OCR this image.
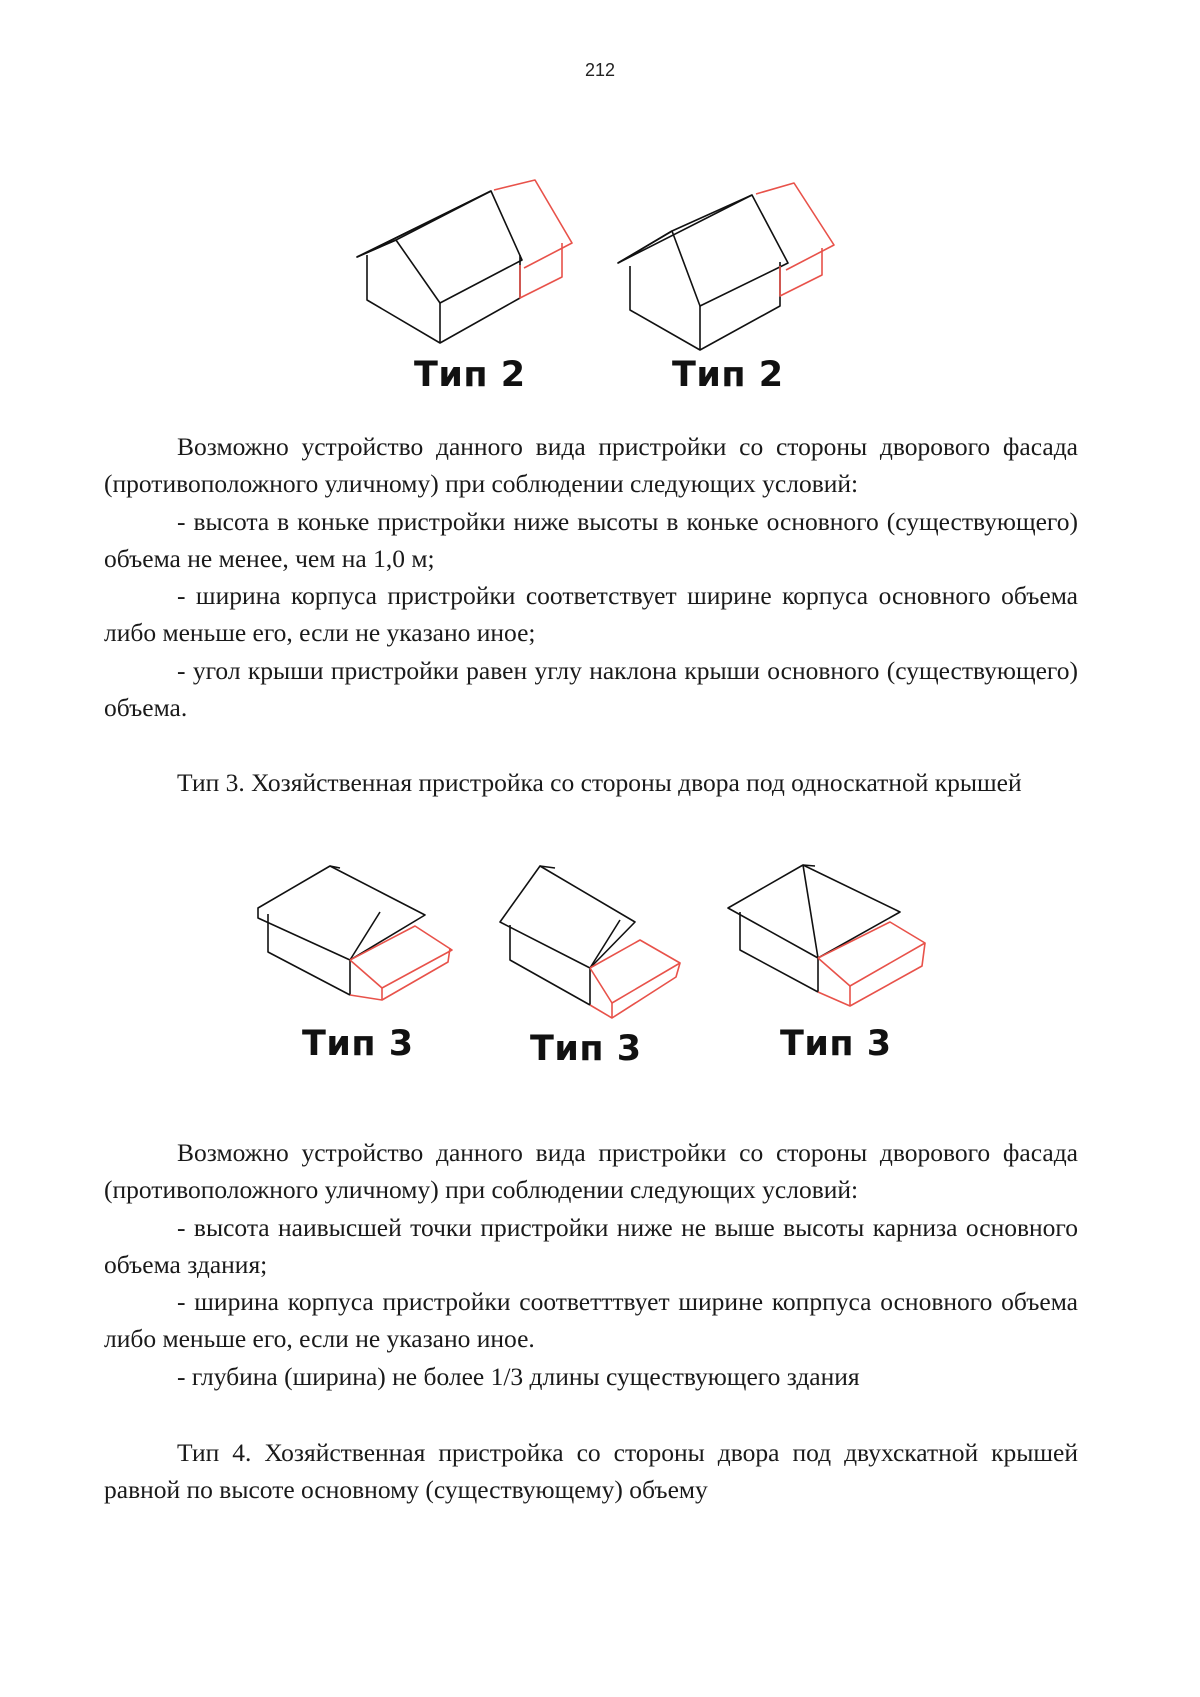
212
Тип 2	Тип 2

Возможно устройство данного вида пристройки со стороны дворового фасада (противоположного уличному) при соблюдении следующих условий:

- высота в коньке пристройки ниже высоты в коньке основного (существующего) объема не менее, чем на 1,0 м;

- ширина корпуса пристройки соответствует ширине корпуса основного объема либо меньше его, если не указано иное;

- угол крыши пристройки равен углу наклона крыши основного (существующего) объема.

Тип 3. Хозяйственная пристройка со стороны двора под односкатной крышей

Тип 3	Тип 3	Тип 3

Возможно устройство данного вида пристройки со стороны дворового фасада (противоположного уличному) при соблюдении следующих условий:

- высота наивысшей точки пристройки ниже не выше высоты карниза основного объема здания;

- ширина корпуса пристройки соответттвует ширине копрпуса основного объема либо меньше его, если не указано иное.

- глубина (ширина) не более 1/3 длины существующего здания

Тип 4. Хозяйственная пристройка со стороны двора под двухскатной крышей равной по высоте основному (существующему) объему
